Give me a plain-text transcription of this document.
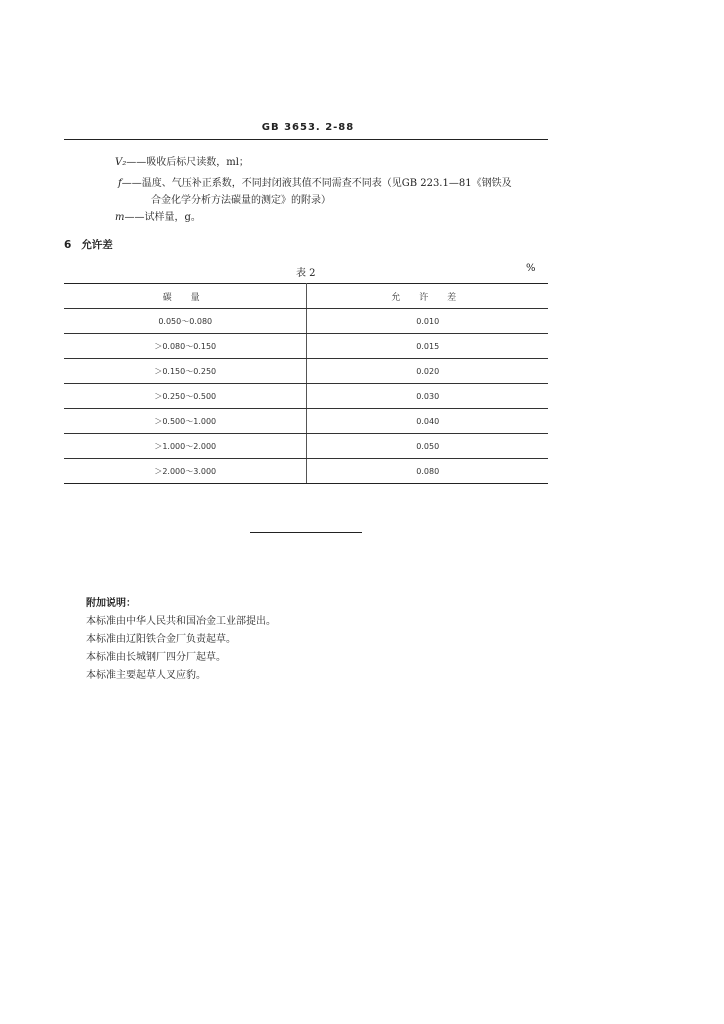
GB 3653. 2-88
V₂——吸收后标尺读数，ml；
f——温度、气压补正系数，不同封闭液其值不同需查不同表（见GB 223.1—81《钢铁及
合金化学分析方法碳量的测定》的附录）
m——试样量，g。
6 允许差
表 2	%
碳 量	允 许 差
0.050～0.080	0.010
＞0.080～0.150	0.015
＞0.150～0.250	0.020
＞0.250～0.500	0.030
＞0.500～1.000	0.040
＞1.000～2.000	0.050
＞2.000～3.000	0.080
附加说明：
本标准由中华人民共和国冶金工业部提出。
本标准由辽阳铁合金厂负责起草。
本标准由长城钢厂四分厂起草。
本标准主要起草人叉应豹。
